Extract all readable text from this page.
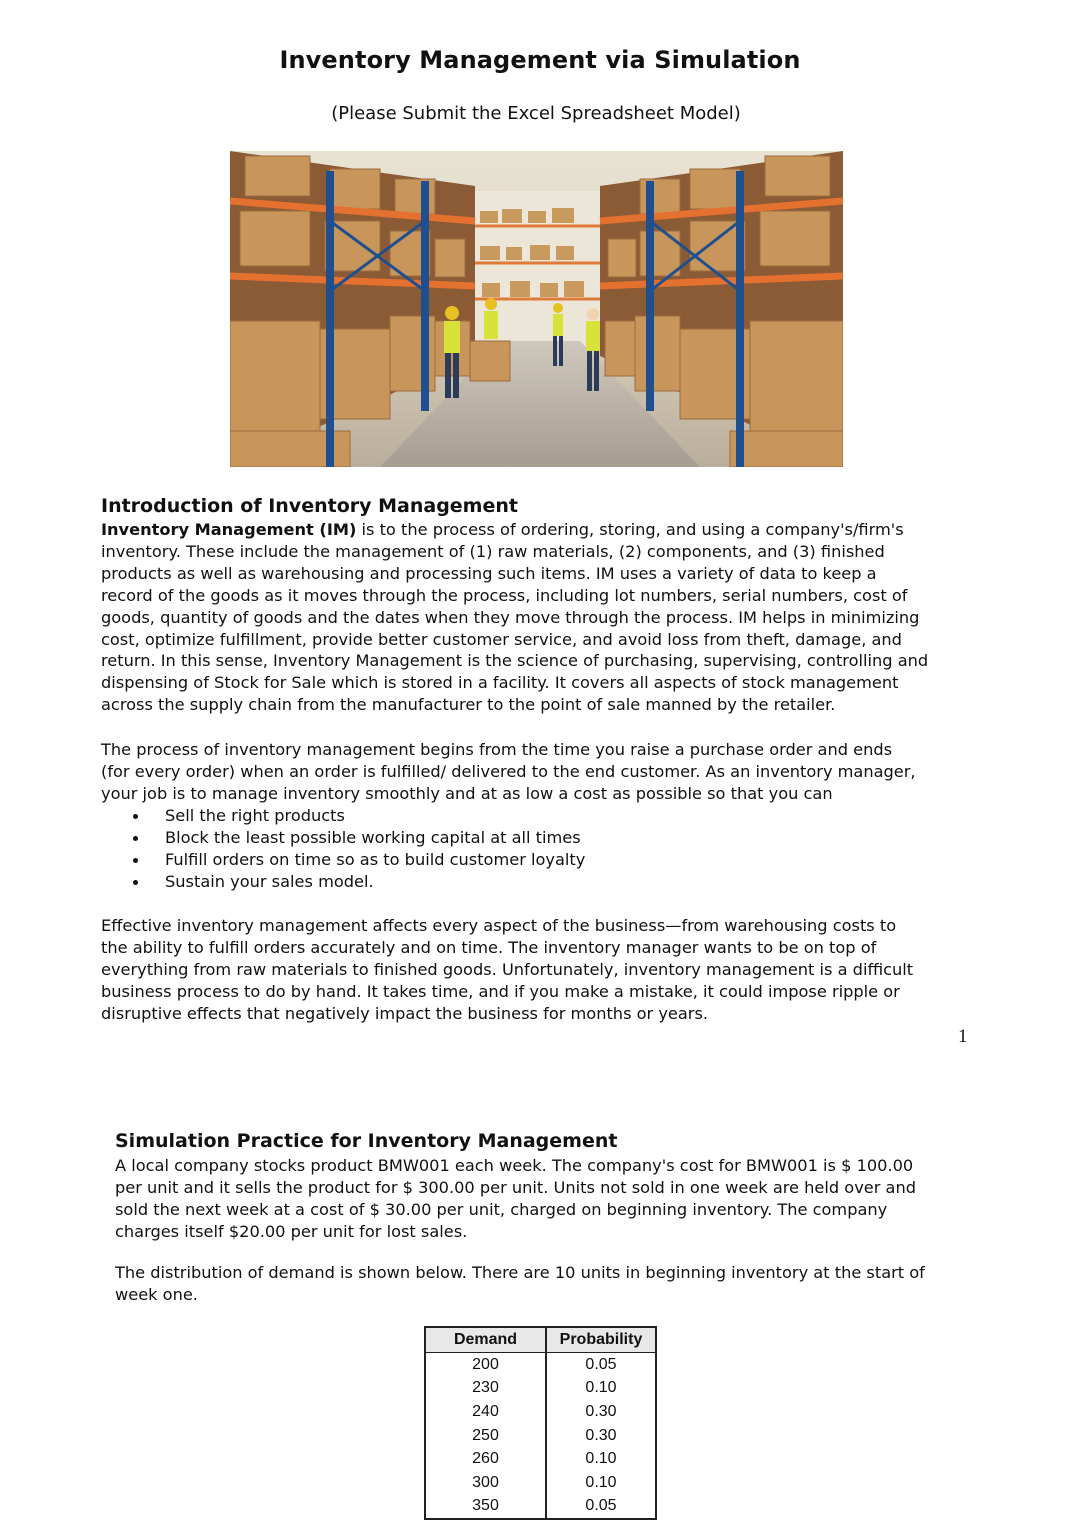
Inventory Management via Simulation
(Please Submit the Excel Spreadsheet Model)
Introduction of Inventory Management
Inventory Management (IM) is to the process of ordering, storing, and using a company's/firm's
inventory. These include the management of (1) raw materials, (2) components, and (3) finished
products as well as warehousing and processing such items. IM uses a variety of data to keep a
record of the goods as it moves through the process, including lot numbers, serial numbers, cost of
goods, quantity of goods and the dates when they move through the process. IM helps in minimizing
cost, optimize fulfillment, provide better customer service, and avoid loss from theft, damage, and
return. In this sense, Inventory Management is the science of purchasing, supervising, controlling and
dispensing of Stock for Sale which is stored in a facility. It covers all aspects of stock management
across the supply chain from the manufacturer to the point of sale manned by the retailer.
The process of inventory management begins from the time you raise a purchase order and ends
(for every order) when an order is fulfilled/ delivered to the end customer. As an inventory manager,
your job is to manage inventory smoothly and at as low a cost as possible so that you can
Sell the right products
Block the least possible working capital at all times
Fulfill orders on time so as to build customer loyalty
Sustain your sales model.
Effective inventory management affects every aspect of the business—from warehousing costs to
the ability to fulfill orders accurately and on time. The inventory manager wants to be on top of
everything from raw materials to finished goods. Unfortunately, inventory management is a difficult
business process to do by hand. It takes time, and if you make a mistake, it could impose ripple or
disruptive effects that negatively impact the business for months or years.
1
Simulation Practice for Inventory Management
A local company stocks product BMW001 each week. The company's cost for BMW001 is $ 100.00
per unit and it sells the product for $ 300.00 per unit. Units not sold in one week are held over and
sold the next week at a cost of $ 30.00 per unit, charged on beginning inventory. The company
charges itself $20.00 per unit for lost sales.
The distribution of demand is shown below. There are 10 units in beginning inventory at the start of
week one.
Demand	Probability
200	0.05
230	0.10
240	0.30
250	0.30
260	0.10
300	0.10
350	0.05
